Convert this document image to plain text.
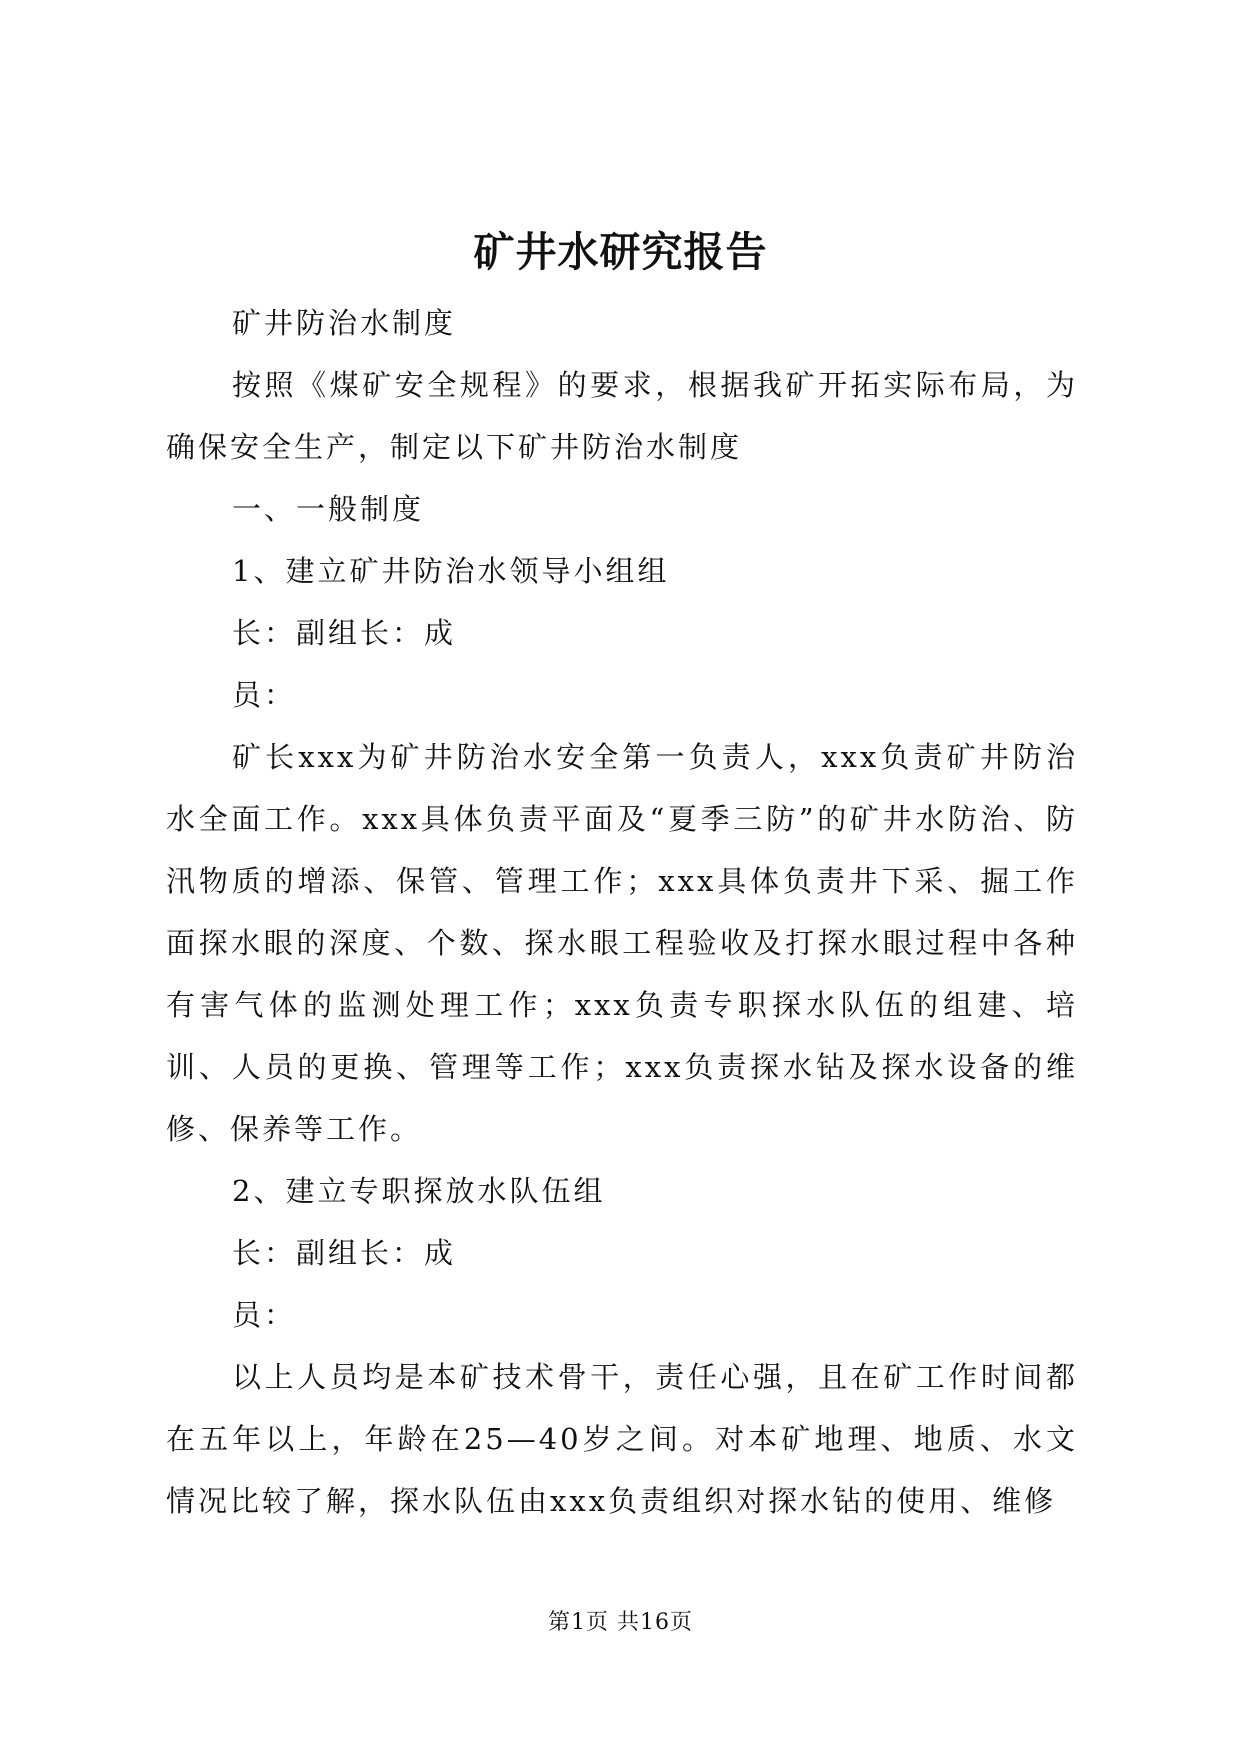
矿井水研究报告

矿井防治水制度

按照《煤矿安全规程》的要求，根据我矿开拓实际布局，为确保安全生产，制定以下矿井防治水制度

一、一般制度

1、建立矿井防治水领导小组组

长：副组长：成

员：

矿长xxx为矿井防治水安全第一负责人，xxx负责矿井防治水全面工作。xxx具体负责平面及“夏季三防”的矿井水防治、防汛物质的增添、保管、管理工作；xxx具体负责井下采、掘工作面探水眼的深度、个数、探水眼工程验收及打探水眼过程中各种有害气体的监测处理工作；xxx负责专职探水队伍的组建、培训、人员的更换、管理等工作；xxx负责探水钻及探水设备的维修、保养等工作。

2、建立专职探放水队伍组

长：副组长：成

员：

以上人员均是本矿技术骨干，责任心强，且在矿工作时间都在五年以上，年龄在25—40岁之间。对本矿地理、地质、水文情况比较了解，探水队伍由xxx负责组织对探水钻的使用、维修

第1页 共16页
